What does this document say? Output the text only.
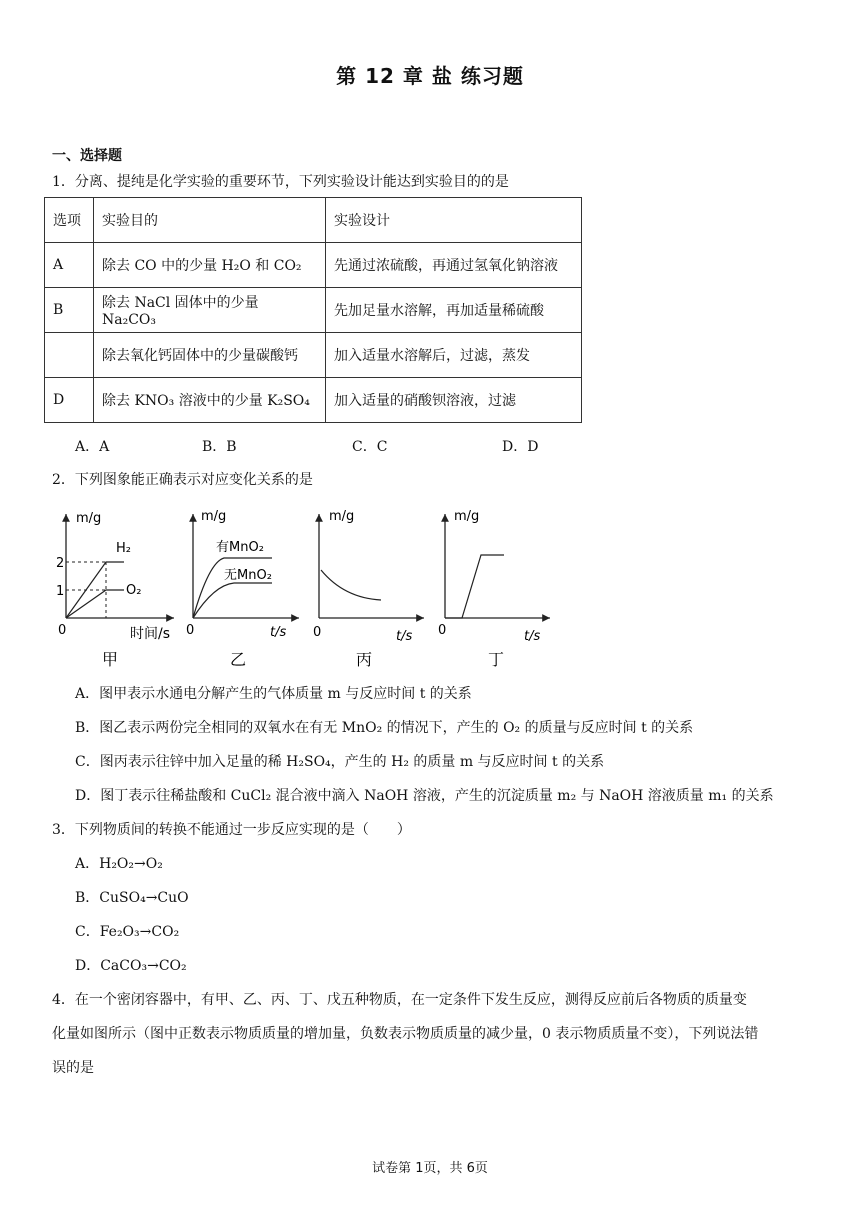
第 12 章 盐 练习题
一、选择题
1．分离、提纯是化学实验的重要环节，下列实验设计能达到实验目的的是
选项	实验目的	实验设计
A	除去 CO 中的少量 H₂O 和 CO₂	先通过浓硫酸，再通过氢氧化钠溶液
B	除去 NaCl 固体中的少量 Na₂CO₃	先加足量水溶解，再加适量稀硫酸
	除去氧化钙固体中的少量碳酸钙	加入适量水溶解后，过滤，蒸发
D	除去 KNO₃ 溶液中的少量 K₂SO₄	加入适量的硝酸钡溶液，过滤
A．A	B．B	C．C	D．D
2．下列图象能正确表示对应变化关系的是
m/g
2
1
H₂
O₂
0	时间/s
甲
m/g
有MnO₂
无MnO₂
0	t/s
乙
m/g
0	t/s
丙
m/g
0	t/s
丁
A．图甲表示水通电分解产生的气体质量 m 与反应时间 t 的关系
B．图乙表示两份完全相同的双氧水在有无 MnO₂ 的情况下，产生的 O₂ 的质量与反应时间 t 的关系
C．图丙表示往锌中加入足量的稀 H₂SO₄，产生的 H₂ 的质量 m 与反应时间 t 的关系
D．图丁表示往稀盐酸和 CuCl₂ 混合液中滴入 NaOH 溶液，产生的沉淀质量 m₂ 与 NaOH 溶液质量 m₁ 的关系
3．下列物质间的转换不能通过一步反应实现的是（　　）
A．H₂O₂→O₂
B．CuSO₄→CuO
C．Fe₂O₃→CO₂
D．CaCO₃→CO₂
4．在一个密闭容器中，有甲、乙、丙、丁、戊五种物质，在一定条件下发生反应，测得反应前后各物质的质量变
化量如图所示（图中正数表示物质质量的增加量，负数表示物质质量的减少量，0 表示物质质量不变），下列说法错
误的是
试卷第 1页，共 6页
